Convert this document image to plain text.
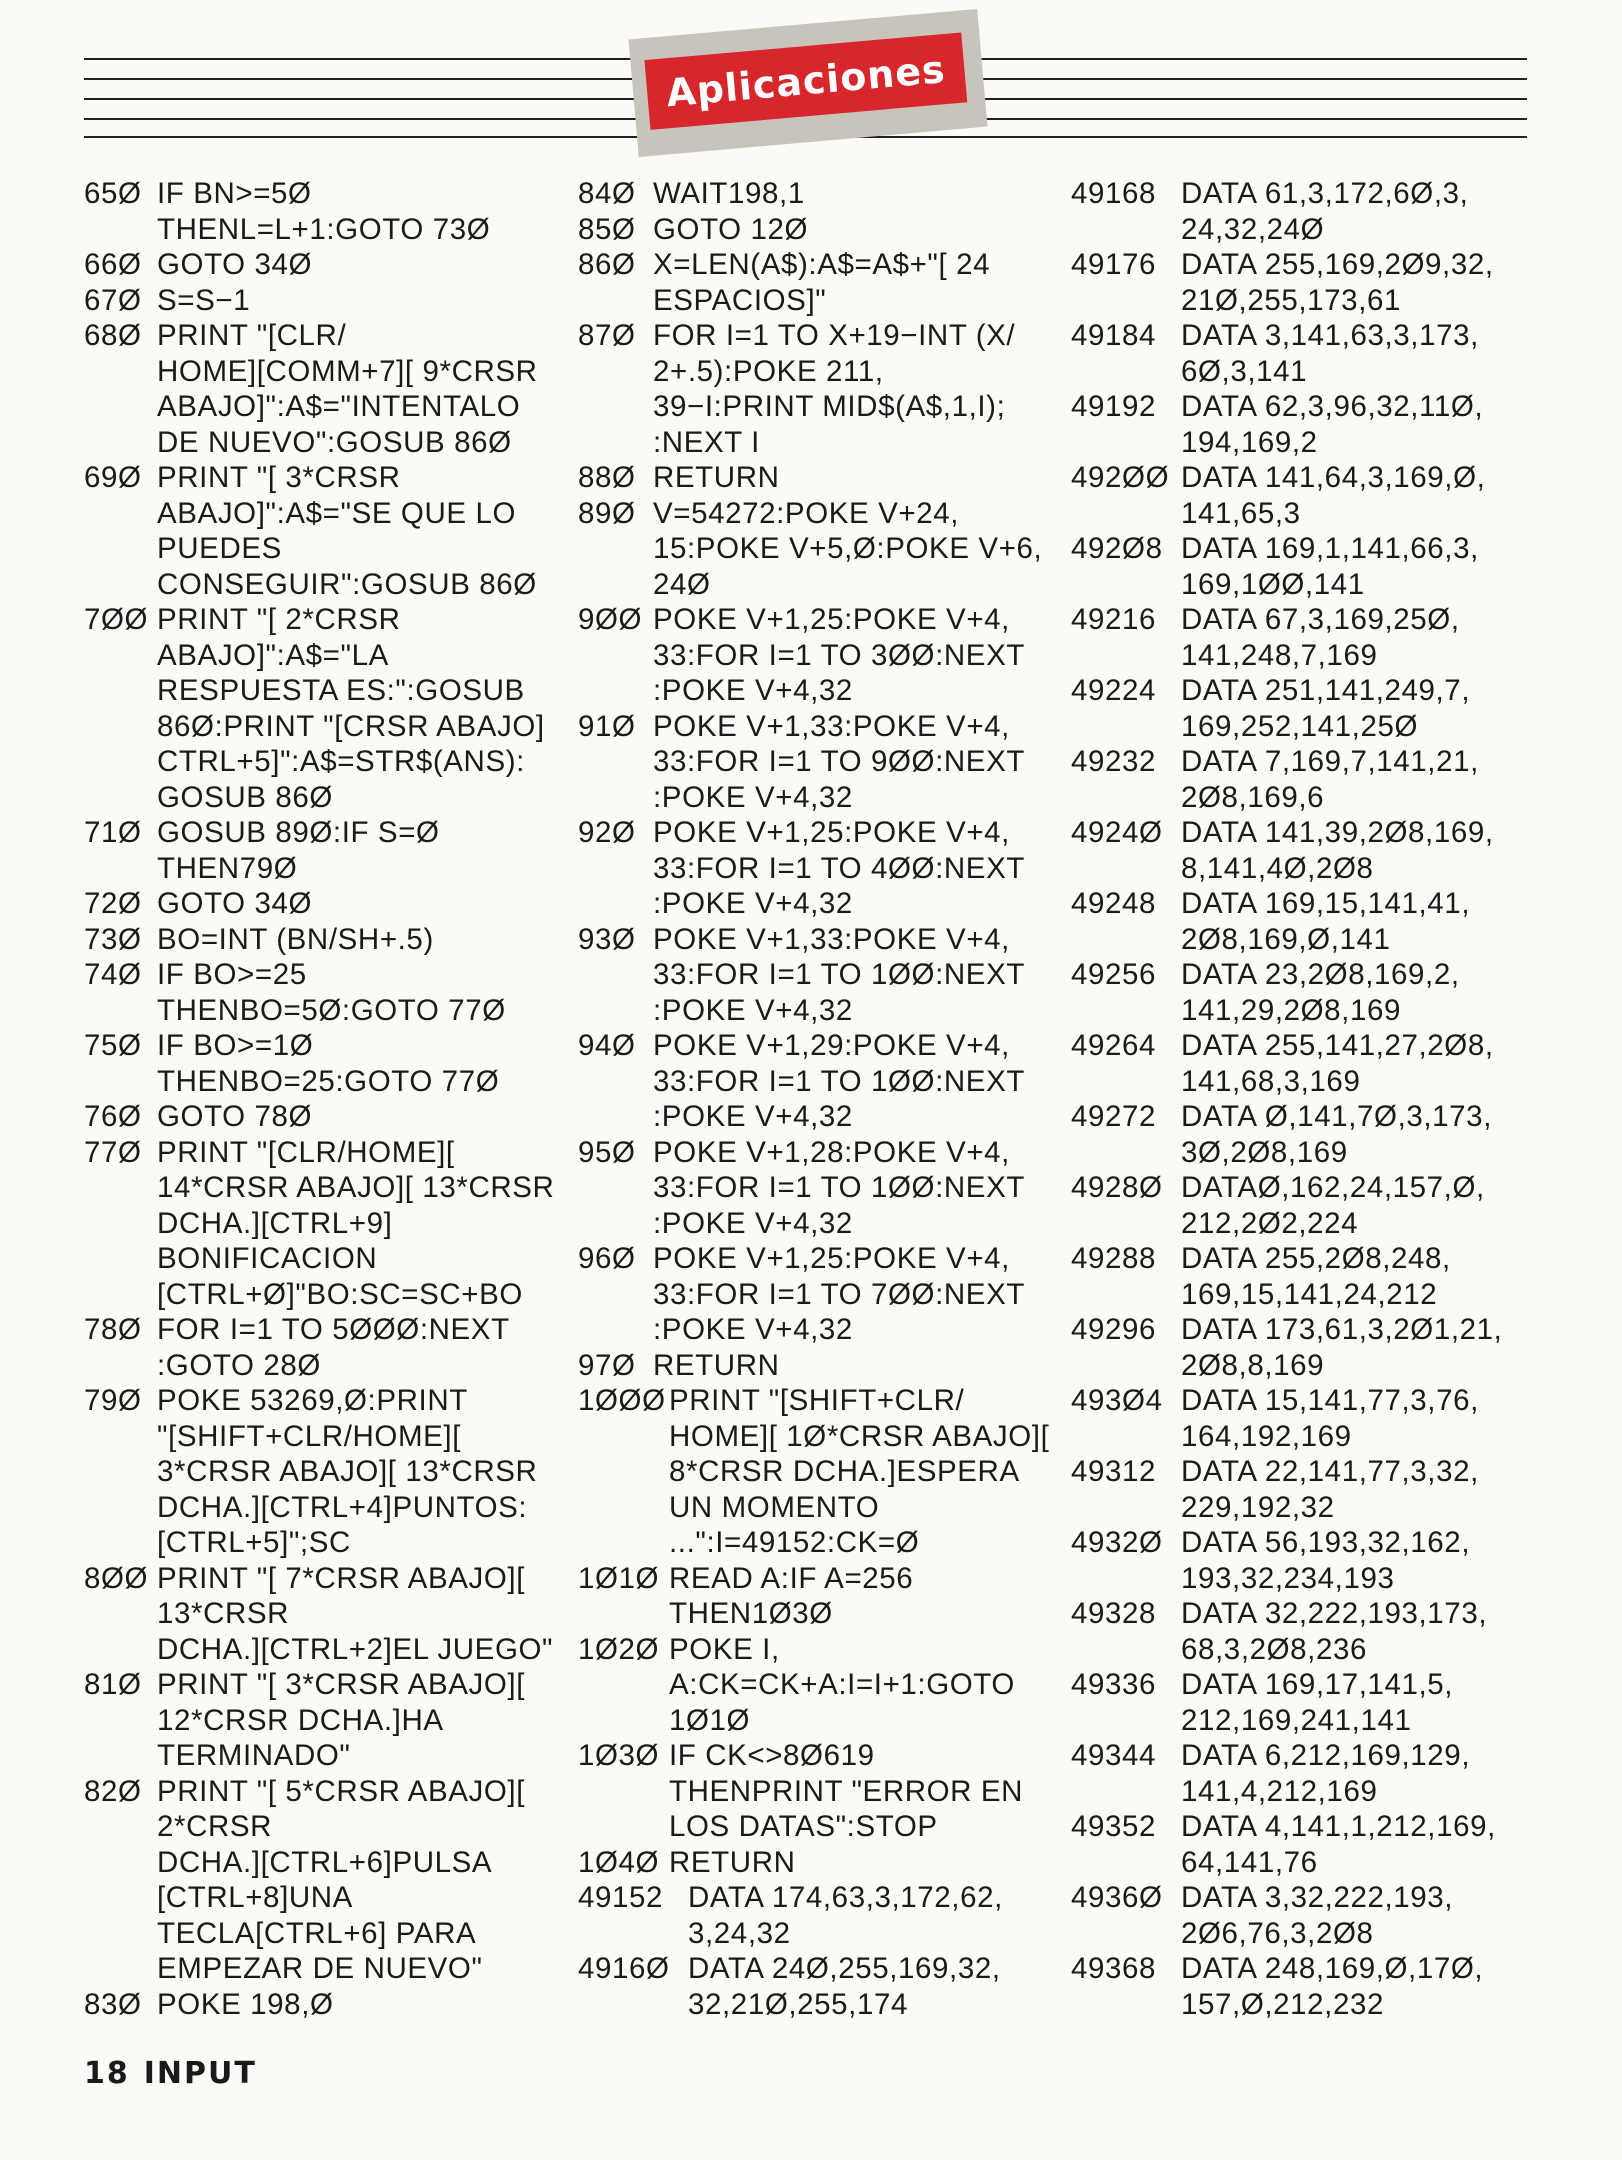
Aplicaciones
65Ø IF BN>=5Ø
THENL=L+1:GOTO 73Ø
66Ø GOTO 34Ø
67Ø S=S−1
68Ø PRINT "[CLR/
HOME][COMM+7][ 9*CRSR
ABAJO]":A$="INTENTALO
DE NUEVO":GOSUB 86Ø
69Ø PRINT "[ 3*CRSR
ABAJO]":A$="SE QUE LO
PUEDES
CONSEGUIR":GOSUB 86Ø
7ØØ PRINT "[ 2*CRSR
ABAJO]":A$="LA
RESPUESTA ES:":GOSUB
86Ø:PRINT "[CRSR ABAJO]
CTRL+5]":A$=STR$(ANS):
GOSUB 86Ø
71Ø GOSUB 89Ø:IF S=Ø
THEN79Ø
72Ø GOTO 34Ø
73Ø BO=INT (BN/SH+.5)
74Ø IF BO>=25
THENBO=5Ø:GOTO 77Ø
75Ø IF BO>=1Ø
THENBO=25:GOTO 77Ø
76Ø GOTO 78Ø
77Ø PRINT "[CLR/HOME][
14*CRSR ABAJO][ 13*CRSR
DCHA.][CTRL+9]
BONIFICACION
[CTRL+Ø]"BO:SC=SC+BO
78Ø FOR I=1 TO 5ØØØ:NEXT
:GOTO 28Ø
79Ø POKE 53269,Ø:PRINT
"[SHIFT+CLR/HOME][
3*CRSR ABAJO][ 13*CRSR
DCHA.][CTRL+4]PUNTOS:
[CTRL+5]";SC
8ØØ PRINT "[ 7*CRSR ABAJO][
13*CRSR
DCHA.][CTRL+2]EL JUEGO"
81Ø PRINT "[ 3*CRSR ABAJO][
12*CRSR DCHA.]HA
TERMINADO"
82Ø PRINT "[ 5*CRSR ABAJO][
2*CRSR
DCHA.][CTRL+6]PULSA
[CTRL+8]UNA
TECLA[CTRL+6] PARA
EMPEZAR DE NUEVO"
83Ø POKE 198,Ø
84Ø WAIT198,1
85Ø GOTO 12Ø
86Ø X=LEN(A$):A$=A$+"[ 24
ESPACIOS]"
87Ø FOR I=1 TO X+19−INT (X/
2+.5):POKE 211,
39−I:PRINT MID$(A$,1,I);
:NEXT I
88Ø RETURN
89Ø V=54272:POKE V+24,
15:POKE V+5,Ø:POKE V+6,
24Ø
9ØØ POKE V+1,25:POKE V+4,
33:FOR I=1 TO 3ØØ:NEXT
:POKE V+4,32
91Ø POKE V+1,33:POKE V+4,
33:FOR I=1 TO 9ØØ:NEXT
:POKE V+4,32
92Ø POKE V+1,25:POKE V+4,
33:FOR I=1 TO 4ØØ:NEXT
:POKE V+4,32
93Ø POKE V+1,33:POKE V+4,
33:FOR I=1 TO 1ØØ:NEXT
:POKE V+4,32
94Ø POKE V+1,29:POKE V+4,
33:FOR I=1 TO 1ØØ:NEXT
:POKE V+4,32
95Ø POKE V+1,28:POKE V+4,
33:FOR I=1 TO 1ØØ:NEXT
:POKE V+4,32
96Ø POKE V+1,25:POKE V+4,
33:FOR I=1 TO 7ØØ:NEXT
:POKE V+4,32
97Ø RETURN
1ØØØ PRINT "[SHIFT+CLR/
HOME][ 1Ø*CRSR ABAJO][
8*CRSR DCHA.]ESPERA
UN MOMENTO
...":I=49152:CK=Ø
1Ø1Ø READ A:IF A=256
THEN1Ø3Ø
1Ø2Ø POKE I,
A:CK=CK+A:I=I+1:GOTO
1Ø1Ø
1Ø3Ø IF CK<>8Ø619
THENPRINT "ERROR EN
LOS DATAS":STOP
1Ø4Ø RETURN
49152 DATA 174,63,3,172,62,
3,24,32
4916Ø DATA 24Ø,255,169,32,
32,21Ø,255,174
49168 DATA 61,3,172,6Ø,3,
24,32,24Ø
49176 DATA 255,169,2Ø9,32,
21Ø,255,173,61
49184 DATA 3,141,63,3,173,
6Ø,3,141
49192 DATA 62,3,96,32,11Ø,
194,169,2
492ØØ DATA 141,64,3,169,Ø,
141,65,3
492Ø8 DATA 169,1,141,66,3,
169,1ØØ,141
49216 DATA 67,3,169,25Ø,
141,248,7,169
49224 DATA 251,141,249,7,
169,252,141,25Ø
49232 DATA 7,169,7,141,21,
2Ø8,169,6
4924Ø DATA 141,39,2Ø8,169,
8,141,4Ø,2Ø8
49248 DATA 169,15,141,41,
2Ø8,169,Ø,141
49256 DATA 23,2Ø8,169,2,
141,29,2Ø8,169
49264 DATA 255,141,27,2Ø8,
141,68,3,169
49272 DATA Ø,141,7Ø,3,173,
3Ø,2Ø8,169
4928Ø DATAØ,162,24,157,Ø,
212,2Ø2,224
49288 DATA 255,2Ø8,248,
169,15,141,24,212
49296 DATA 173,61,3,2Ø1,21,
2Ø8,8,169
493Ø4 DATA 15,141,77,3,76,
164,192,169
49312 DATA 22,141,77,3,32,
229,192,32
4932Ø DATA 56,193,32,162,
193,32,234,193
49328 DATA 32,222,193,173,
68,3,2Ø8,236
49336 DATA 169,17,141,5,
212,169,241,141
49344 DATA 6,212,169,129,
141,4,212,169
49352 DATA 4,141,1,212,169,
64,141,76
4936Ø DATA 3,32,222,193,
2Ø6,76,3,2Ø8
49368 DATA 248,169,Ø,17Ø,
157,Ø,212,232
18 INPUT
